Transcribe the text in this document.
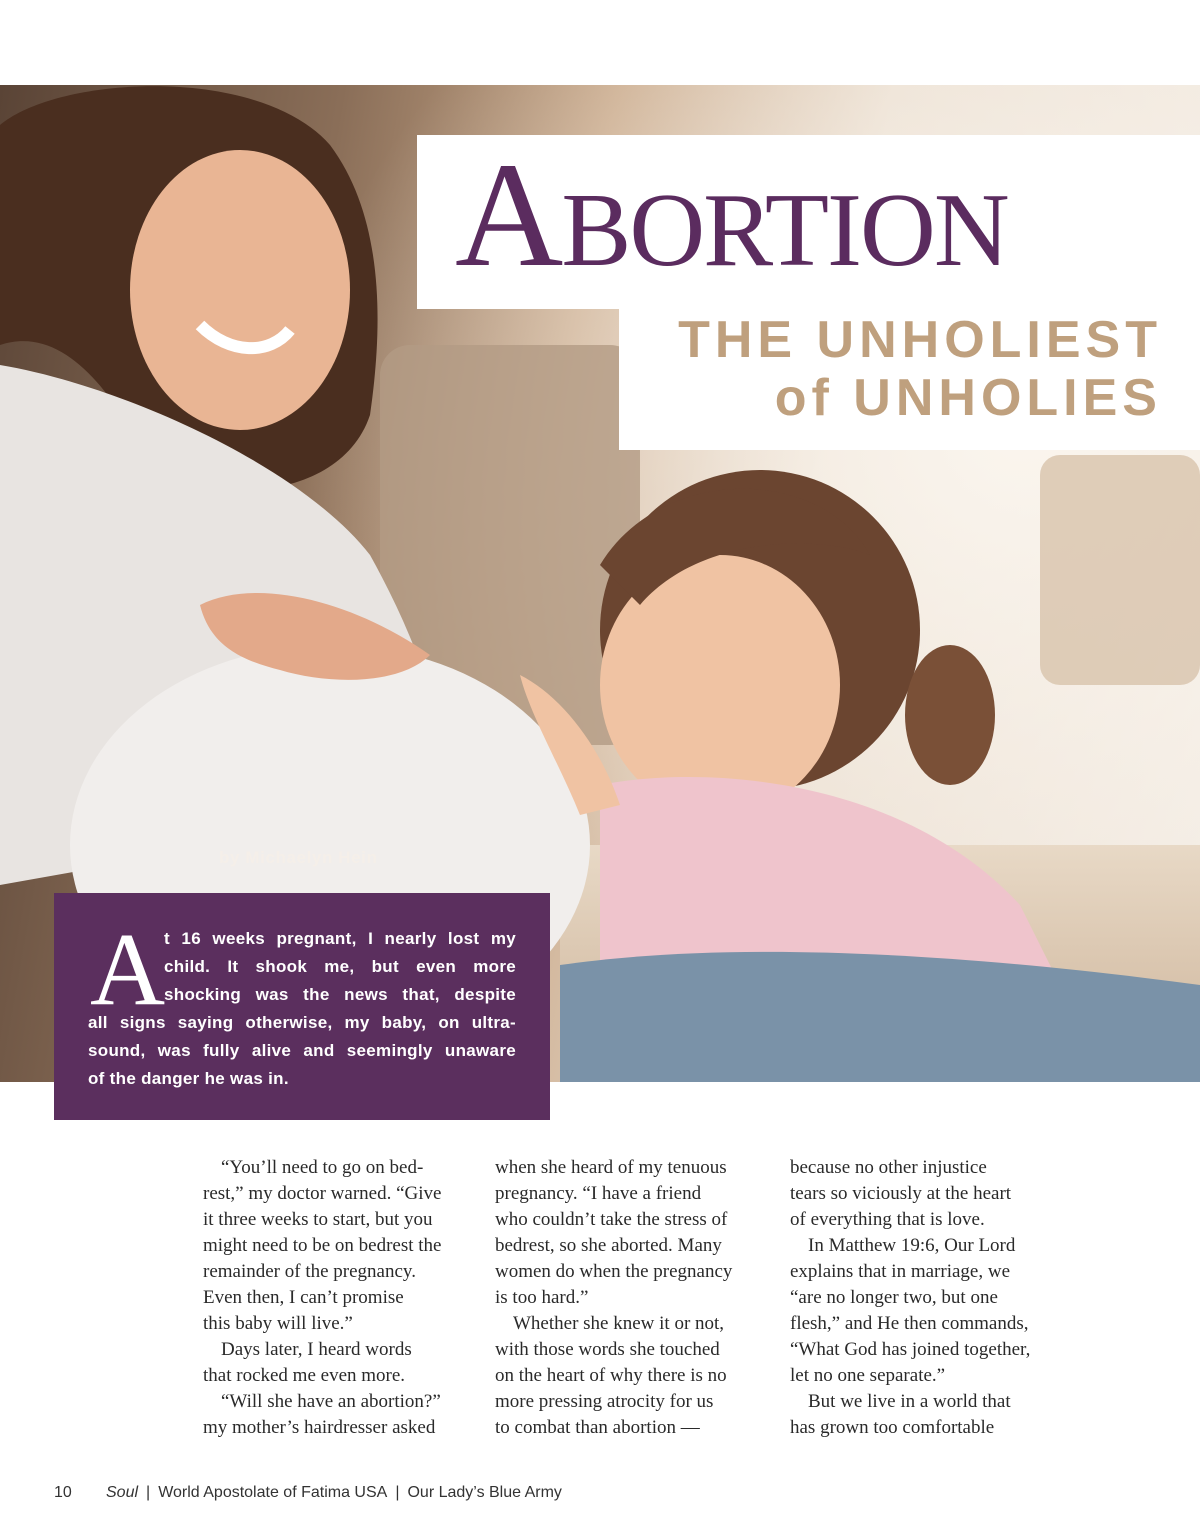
Abortion
THE UNHOLIEST
of UNHOLIES
by Michaelyn Hein
A
t 16 weeks pregnant, I nearly lost my
child. It shook me, but even more
shocking was the news that, despite
all signs saying otherwise, my baby, on ultra-
sound, was fully alive and seemingly unaware
of the danger he was in.
“You’ll need to go on bed-
rest,” my doctor warned. “Give
it three weeks to start, but you
might need to be on bedrest the
remainder of the pregnancy.
Even then, I can’t promise
this baby will live.”
Days later, I heard words
that rocked me even more.
“Will she have an abortion?”
my mother’s hairdresser asked
when she heard of my tenuous
pregnancy. “I have a friend
who couldn’t take the stress of
bedrest, so she aborted. Many
women do when the pregnancy
is too hard.”
Whether she knew it or not,
with those words she touched
on the heart of why there is no
more pressing atrocity for us
to combat than abortion —
because no other injustice
tears so viciously at the heart
of everything that is love.
In Matthew 19:6, Our Lord
explains that in marriage, we
“are no longer two, but one
flesh,” and He then commands,
“What God has joined together,
let no one separate.”
But we live in a world that
has grown too comfortable
10 Soul | World Apostolate of Fatima USA | Our Lady’s Blue Army
